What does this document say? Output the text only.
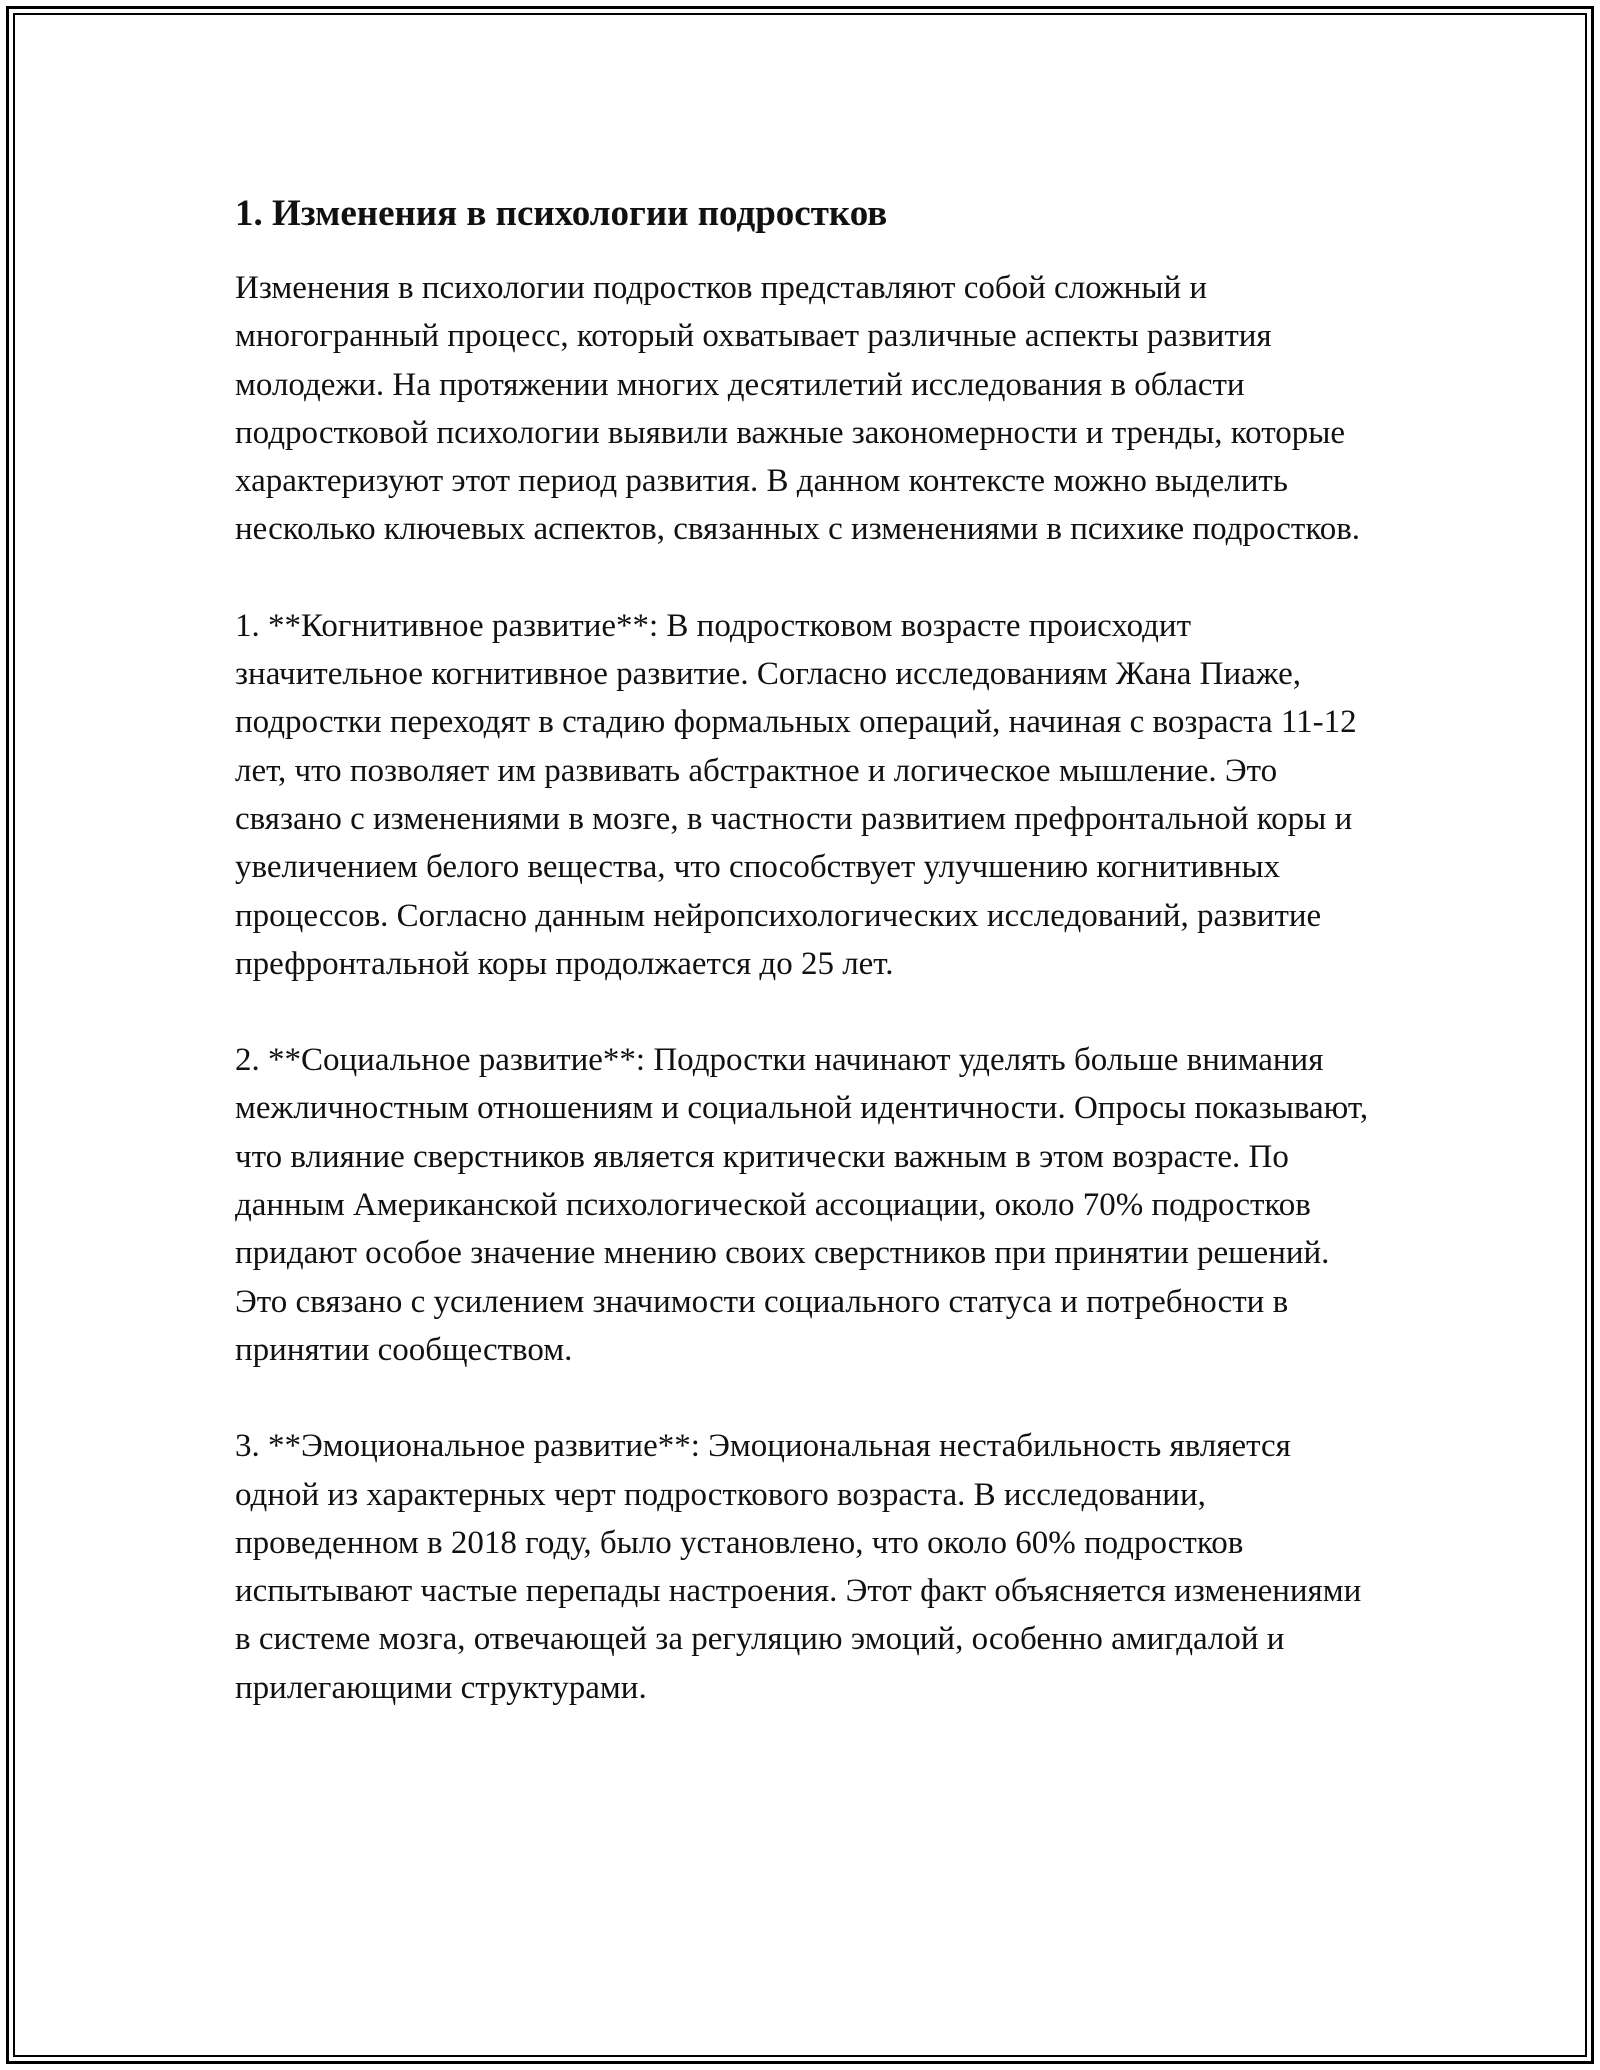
1. Изменения в психологии подростков

Изменения в психологии подростков представляют собой сложный и многогранный процесс, который охватывает различные аспекты развития молодежи. На протяжении многих десятилетий исследования в области подростковой психологии выявили важные закономерности и тренды, которые характеризуют этот период развития. В данном контексте можно выделить несколько ключевых аспектов, связанных с изменениями в психике подростков.

1. **Когнитивное развитие**: В подростковом возрасте происходит значительное когнитивное развитие. Согласно исследованиям Жана Пиаже, подростки переходят в стадию формальных операций, начиная с возраста 11-12 лет, что позволяет им развивать абстрактное и логическое мышление. Это связано с изменениями в мозге, в частности развитием префронтальной коры и увеличением белого вещества, что способствует улучшению когнитивных процессов. Согласно данным нейропсихологических исследований, развитие префронтальной коры продолжается до 25 лет.

2. **Социальное развитие**: Подростки начинают уделять больше внимания межличностным отношениям и социальной идентичности. Опросы показывают, что влияние сверстников является критически важным в этом возрасте. По данным Американской психологической ассоциации, около 70% подростков придают особое значение мнению своих сверстников при принятии решений. Это связано с усилением значимости социального статуса и потребности в принятии сообществом.

3. **Эмоциональное развитие**: Эмоциональная нестабильность является одной из характерных черт подросткового возраста. В исследовании, проведенном в 2018 году, было установлено, что около 60% подростков испытывают частые перепады настроения. Этот факт объясняется изменениями в системе мозга, отвечающей за регуляцию эмоций, особенно амигдалой и прилегающими структурами.
